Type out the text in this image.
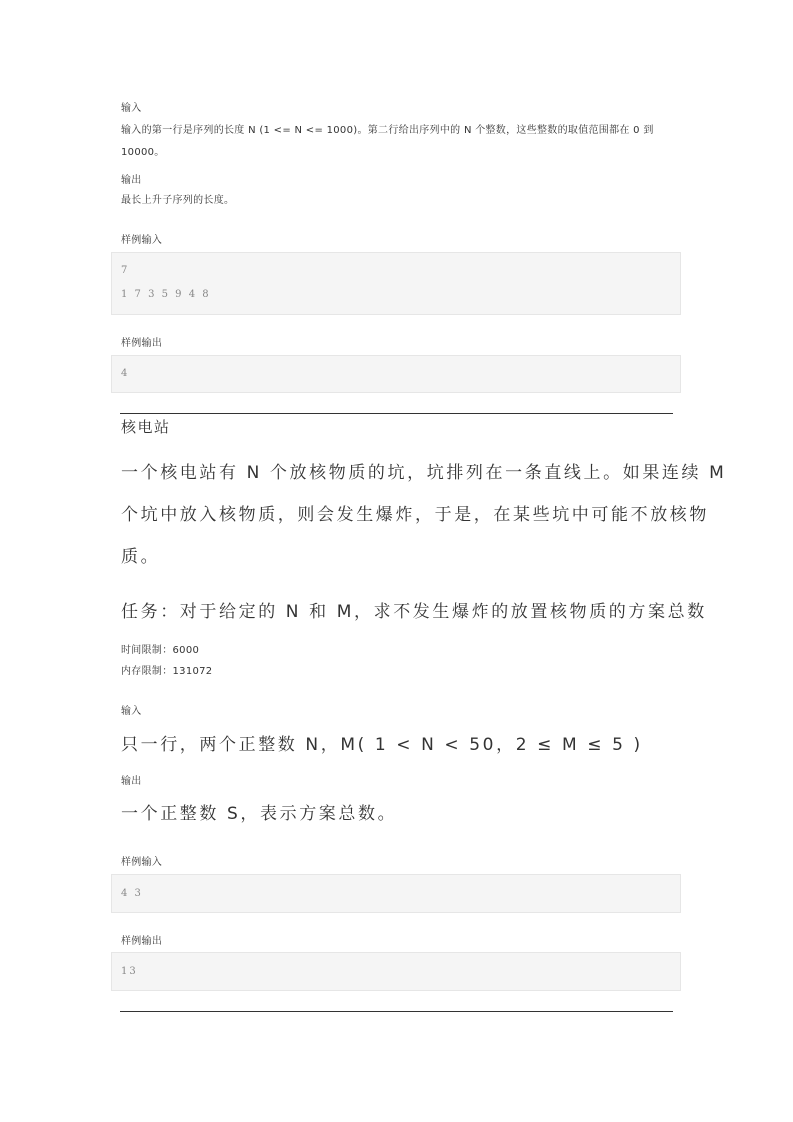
输入
输入的第一行是序列的长度 N (1 <= N <= 1000)。第二行给出序列中的 N 个整数，这些整数的取值范围都在 0 到
10000。
输出
最长上升子序列的长度。
样例输入
7
1 7 3 5 9 4 8
样例输出
4
核电站
一个核电站有 N 个放核物质的坑，坑排列在一条直线上。如果连续 M
个坑中放入核物质，则会发生爆炸，于是，在某些坑中可能不放核物
质。
任务：对于给定的 N 和 M，求不发生爆炸的放置核物质的方案总数
时间限制：6000
内存限制：131072
输入
只一行，两个正整数 N，M( 1 < N < 50，2 ≤ M ≤ 5 )
输出
一个正整数 S，表示方案总数。
样例输入
4 3
样例输出
13
